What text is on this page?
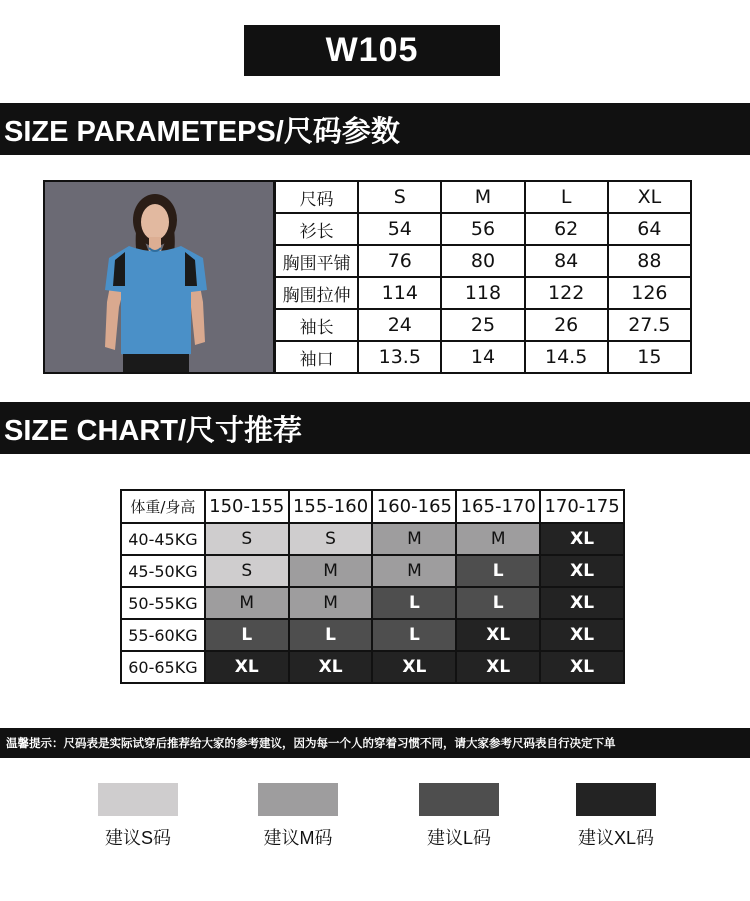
W105
SIZE PARAMETEPS/尺码参数
尺码	S	M	L	XL
衫长	54	56	62	64
胸围平铺	76	80	84	88
胸围拉伸	114	118	122	126
袖长	24	25	26	27.5
袖口	13.5	14	14.5	15
SIZE CHART/尺寸推荐
体重/身高	150-155	155-160	160-165	165-170	170-175
40-45KG	S	S	M	M	XL
45-50KG	S	M	M	L	XL
50-55KG	M	M	L	L	XL
55-60KG	L	L	L	XL	XL
60-65KG	XL	XL	XL	XL	XL
温馨提示：尺码表是实际试穿后推荐给大家的参考建议，因为每一个人的穿着习惯不同，请大家参考尺码表自行决定下单
建议S码	建议M码	建议L码	建议XL码
